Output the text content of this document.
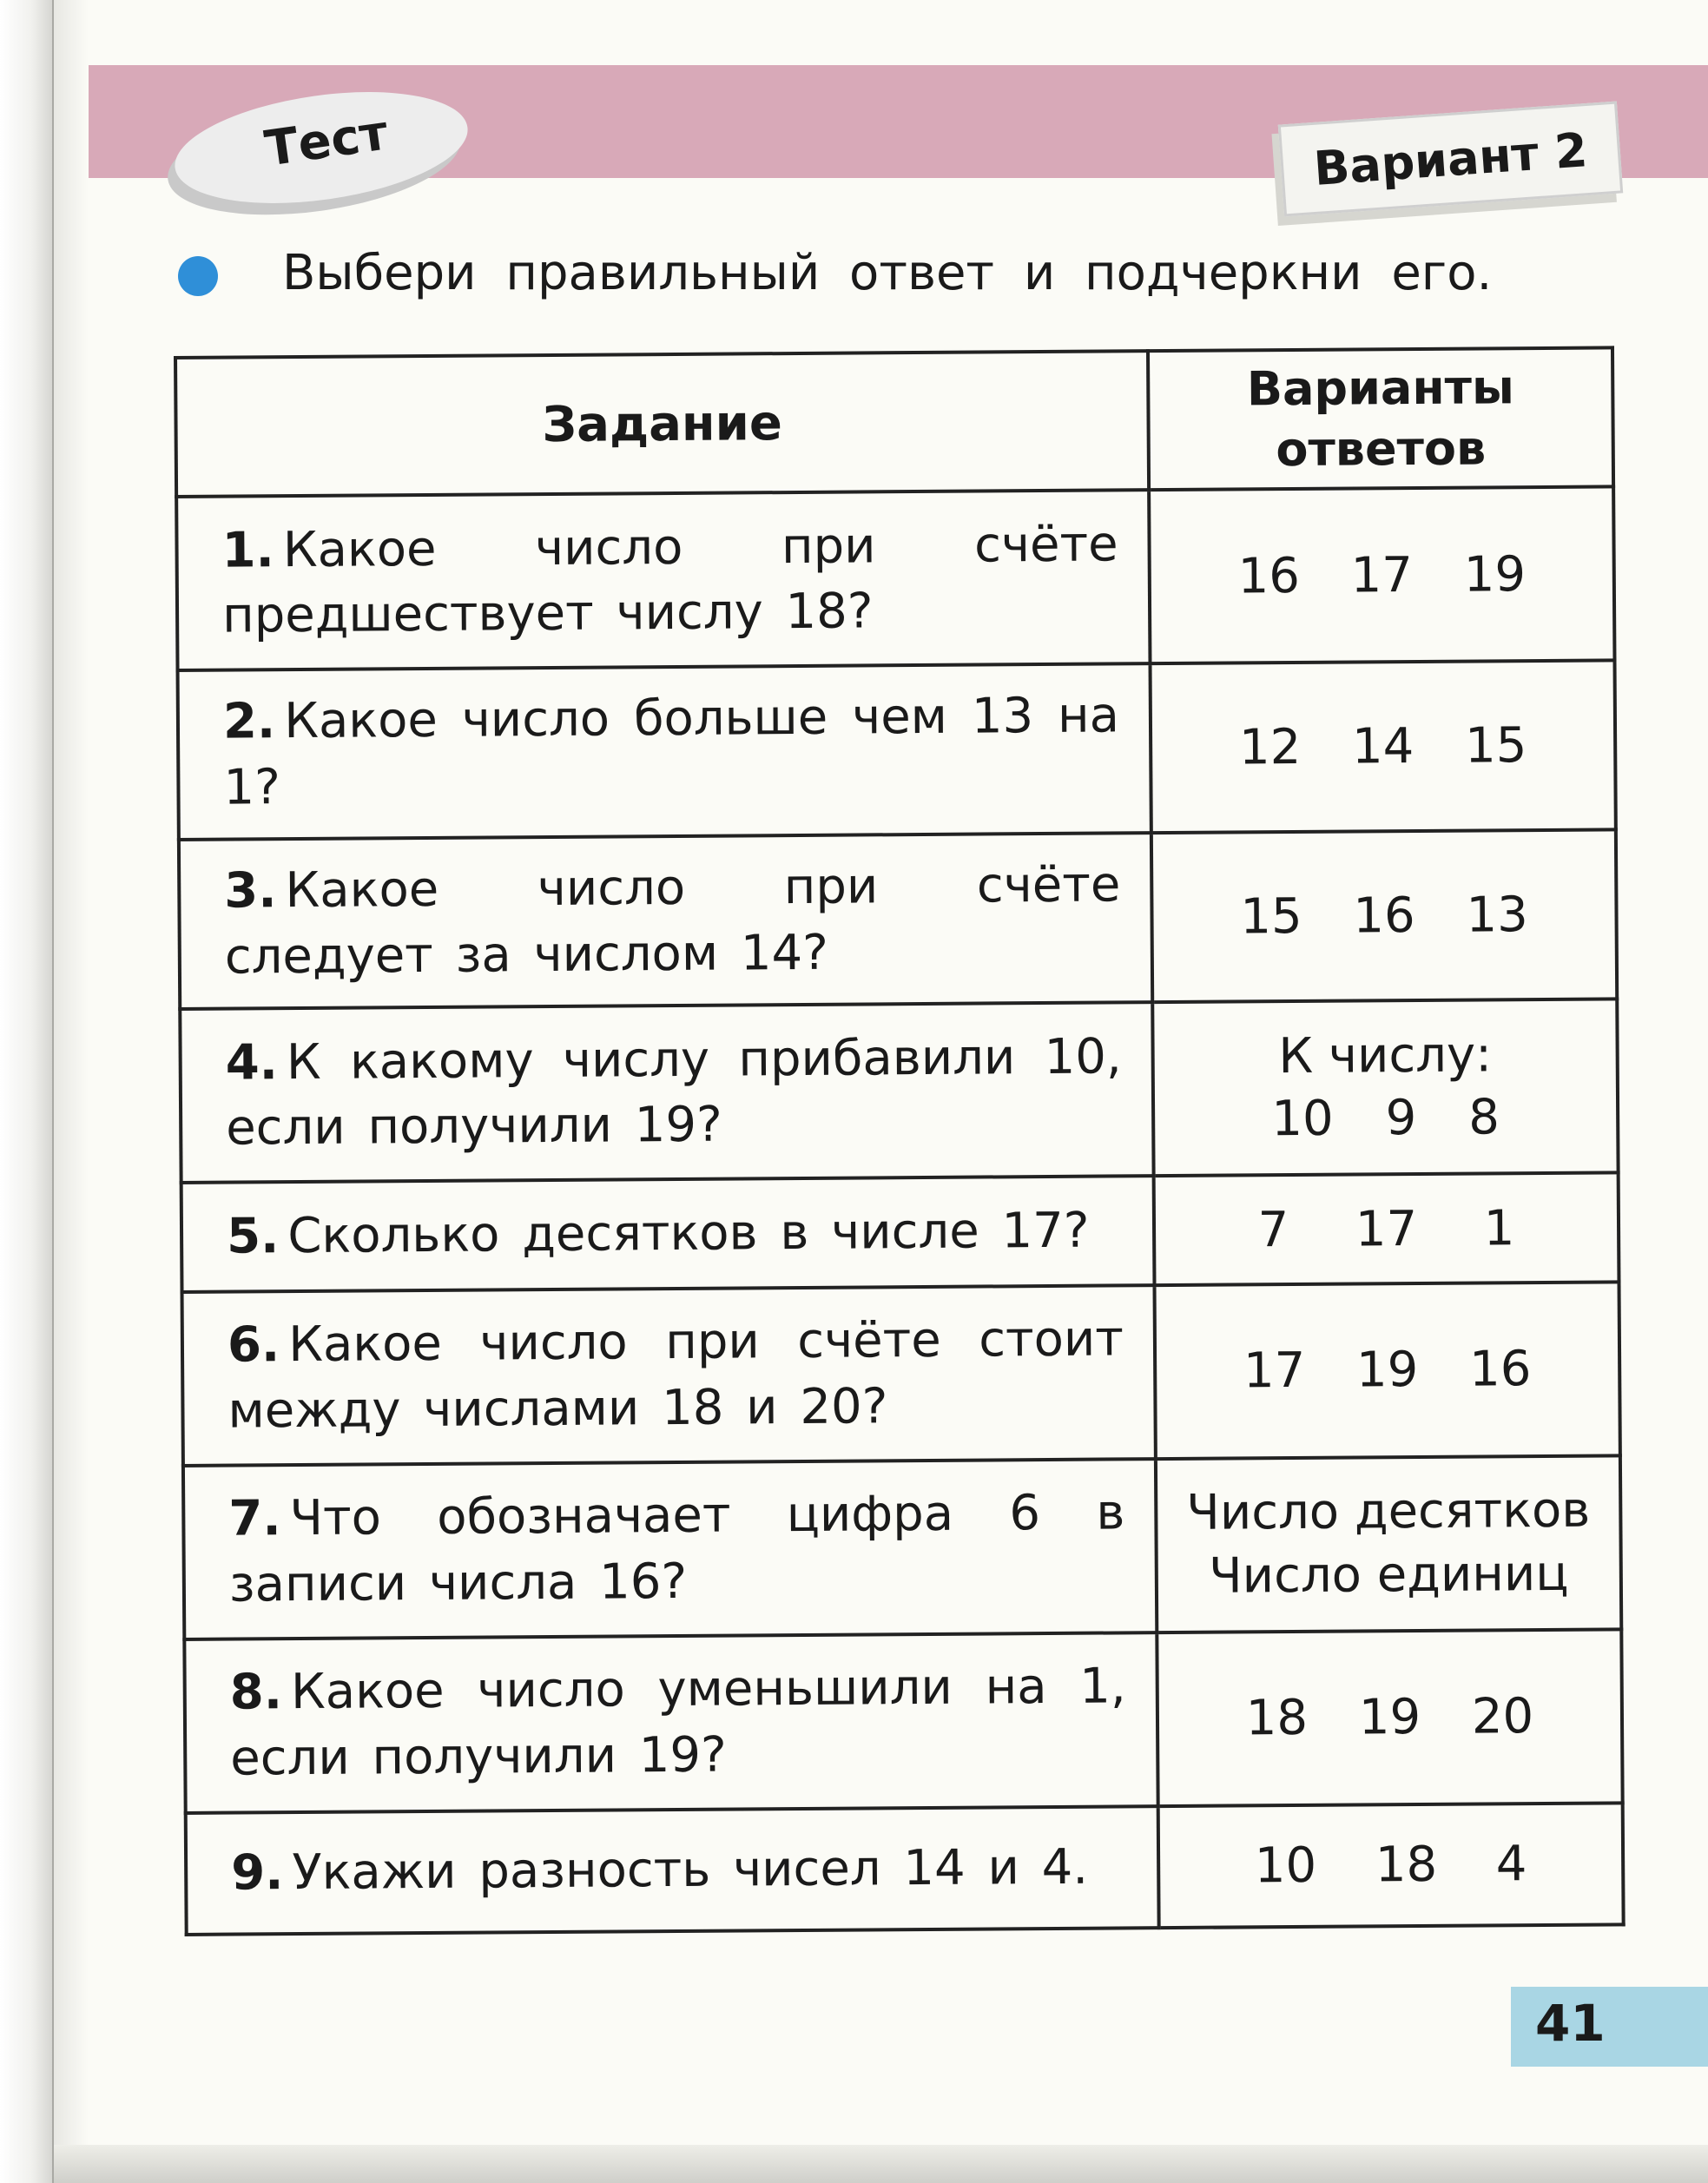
Тест	Вариант 2
Выбери правильный ответ и подчеркни его.
Задание	Варианты
ответов

1. Какое число при счёте предшествует числу 18?	16 17 19

2. Какое число больше чем 13 на 1?	12 14 15

3. Какое число при счёте следует за числом 14?	15 16 13

4. К какому числу прибавили 10, если получили 19?	К числу:
10 9 8

5. Сколько десятков в числе 17?	7 17 1

6. Какое число при счёте стоит между числами 18 и 20?	17 19 16

7. Что обозначает цифра 6 в записи числа 16?	Число десятков
Число единиц

8. Какое число уменьшили на 1, если получили 19?	18 19 20

9. Укажи разность чисел 14 и 4.	10 18 4
41
